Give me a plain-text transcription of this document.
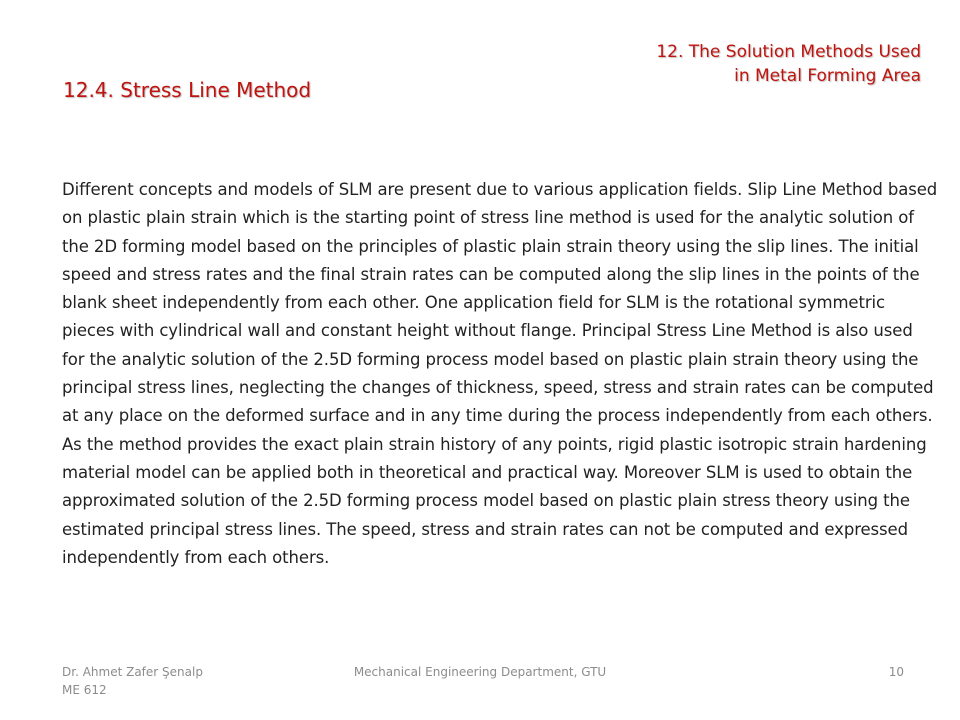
12. The Solution Methods Used
in Metal Forming Area
12.4. Stress Line Method
Different concepts and models of SLM are present due to various application fields. Slip Line Method based on plastic plain strain which is the starting point of stress line method is used for the analytic solution of the 2D forming model based on the principles of plastic plain strain theory using the slip lines. The initial speed and stress rates and the final strain rates can be computed along the slip lines in the points of the blank sheet independently from each other. One application field for SLM is the rotational symmetric pieces with cylindrical wall and constant height without flange. Principal Stress Line Method is also used for the analytic solution of the 2.5D forming process model based on plastic plain strain theory using the principal stress lines, neglecting the changes of thickness, speed, stress and strain rates can be computed at any place on the deformed surface and in any time during the process independently from each others. As the method provides the exact plain strain history of any points, rigid plastic isotropic strain hardening material model can be applied both in theoretical and practical way. Moreover SLM is used to obtain the approximated solution of the 2.5D forming process model based on plastic plain stress theory using the estimated principal stress lines. The speed, stress and strain rates can not be computed and expressed independently from each others.
Dr. Ahmet Zafer Şenalp
ME 612
Mechanical Engineering Department, GTU	10
